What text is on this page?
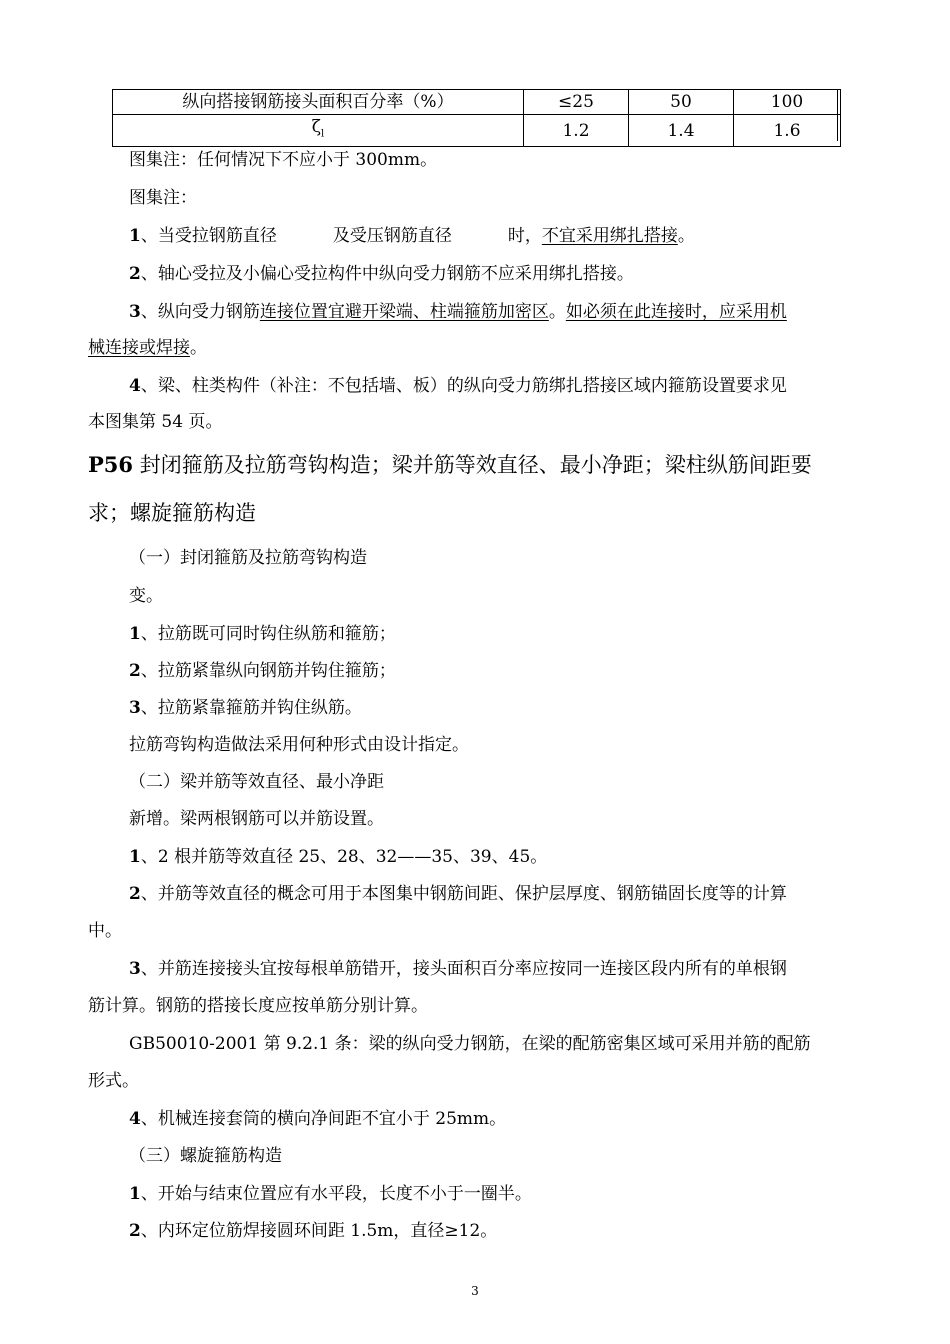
纵向搭接钢筋接头面积百分率（%）	≤25	50	100
$\zeta_l$	1.2	1.4	1.6
图集注：任何情况下不应小于 300mm。
图集注：
1、当受拉钢筋直径	及受压钢筋直径	时，不宜采用绑扎搭接。
2、轴心受拉及小偏心受拉构件中纵向受力钢筋不应采用绑扎搭接。
3、纵向受力钢筋连接位置宜避开梁端、柱端箍筋加密区。如必须在此连接时，应采用机
械连接或焊接。
4、梁、柱类构件（补注：不包括墙、板）的纵向受力筋绑扎搭接区域内箍筋设置要求见
本图集第 54 页。
P56 封闭箍筋及拉筋弯钩构造；梁并筋等效直径、最小净距；梁柱纵筋间距要
求；螺旋箍筋构造
（一）封闭箍筋及拉筋弯钩构造
变。
1、拉筋既可同时钩住纵筋和箍筋；
2、拉筋紧靠纵向钢筋并钩住箍筋；
3、拉筋紧靠箍筋并钩住纵筋。
拉筋弯钩构造做法采用何种形式由设计指定。
（二）梁并筋等效直径、最小净距
新增。梁两根钢筋可以并筋设置。
1、2 根并筋等效直径 25、28、32——35、39、45。
2、并筋等效直径的概念可用于本图集中钢筋间距、保护层厚度、钢筋锚固长度等的计算
中。
3、并筋连接接头宜按每根单筋错开，接头面积百分率应按同一连接区段内所有的单根钢
筋计算。钢筋的搭接长度应按单筋分别计算。
GB50010-2001 第 9.2.1 条：梁的纵向受力钢筋，在梁的配筋密集区域可采用并筋的配筋
形式。
4、机械连接套筒的横向净间距不宜小于 25mm。
（三）螺旋箍筋构造
1、开始与结束位置应有水平段，长度不小于一圈半。
2、内环定位筋焊接圆环间距 1.5m，直径≥12。
3
